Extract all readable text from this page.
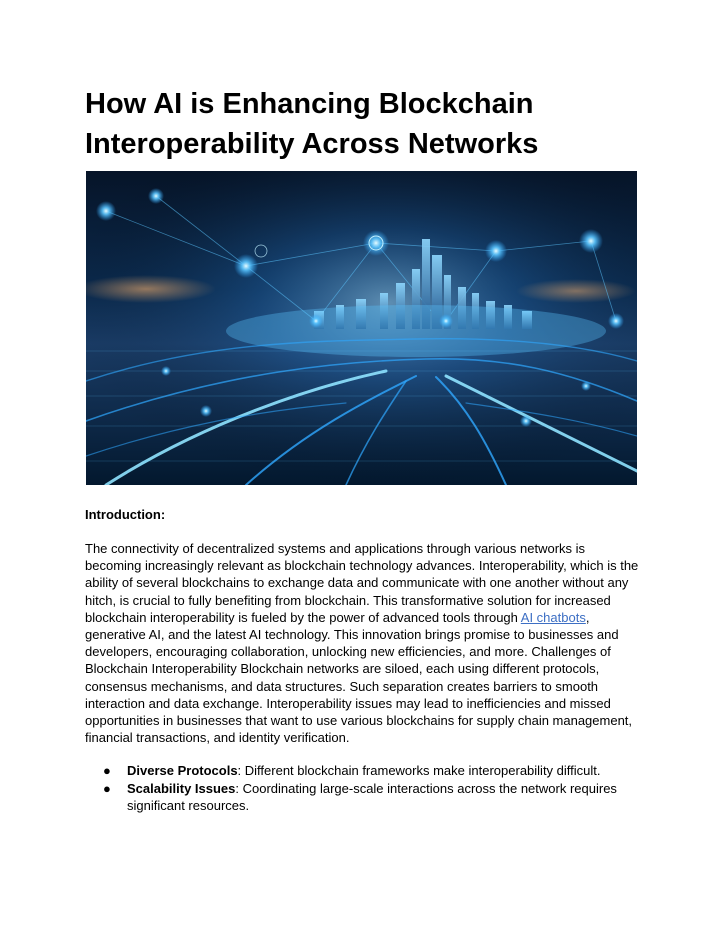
How AI is Enhancing Blockchain Interoperability Across Networks

Introduction:

The connectivity of decentralized systems and applications through various networks is becoming increasingly relevant as blockchain technology advances. Interoperability, which is the ability of several blockchains to exchange data and communicate with one another without any hitch, is crucial to fully benefiting from blockchain. This transformative solution for increased blockchain interoperability is fueled by the power of advanced tools through AI chatbots, generative AI, and the latest AI technology. This innovation brings promise to businesses and developers, encouraging collaboration, unlocking new efficiencies, and more. Challenges of Blockchain Interoperability Blockchain networks are siloed, each using different protocols, consensus mechanisms, and data structures. Such separation creates barriers to smooth interaction and data exchange. Interoperability issues may lead to inefficiencies and missed opportunities in businesses that want to use various blockchains for supply chain management, financial transactions, and identity verification.

● Diverse Protocols: Different blockchain frameworks make interoperability difficult.
● Scalability Issues: Coordinating large-scale interactions across the network requires significant resources.
